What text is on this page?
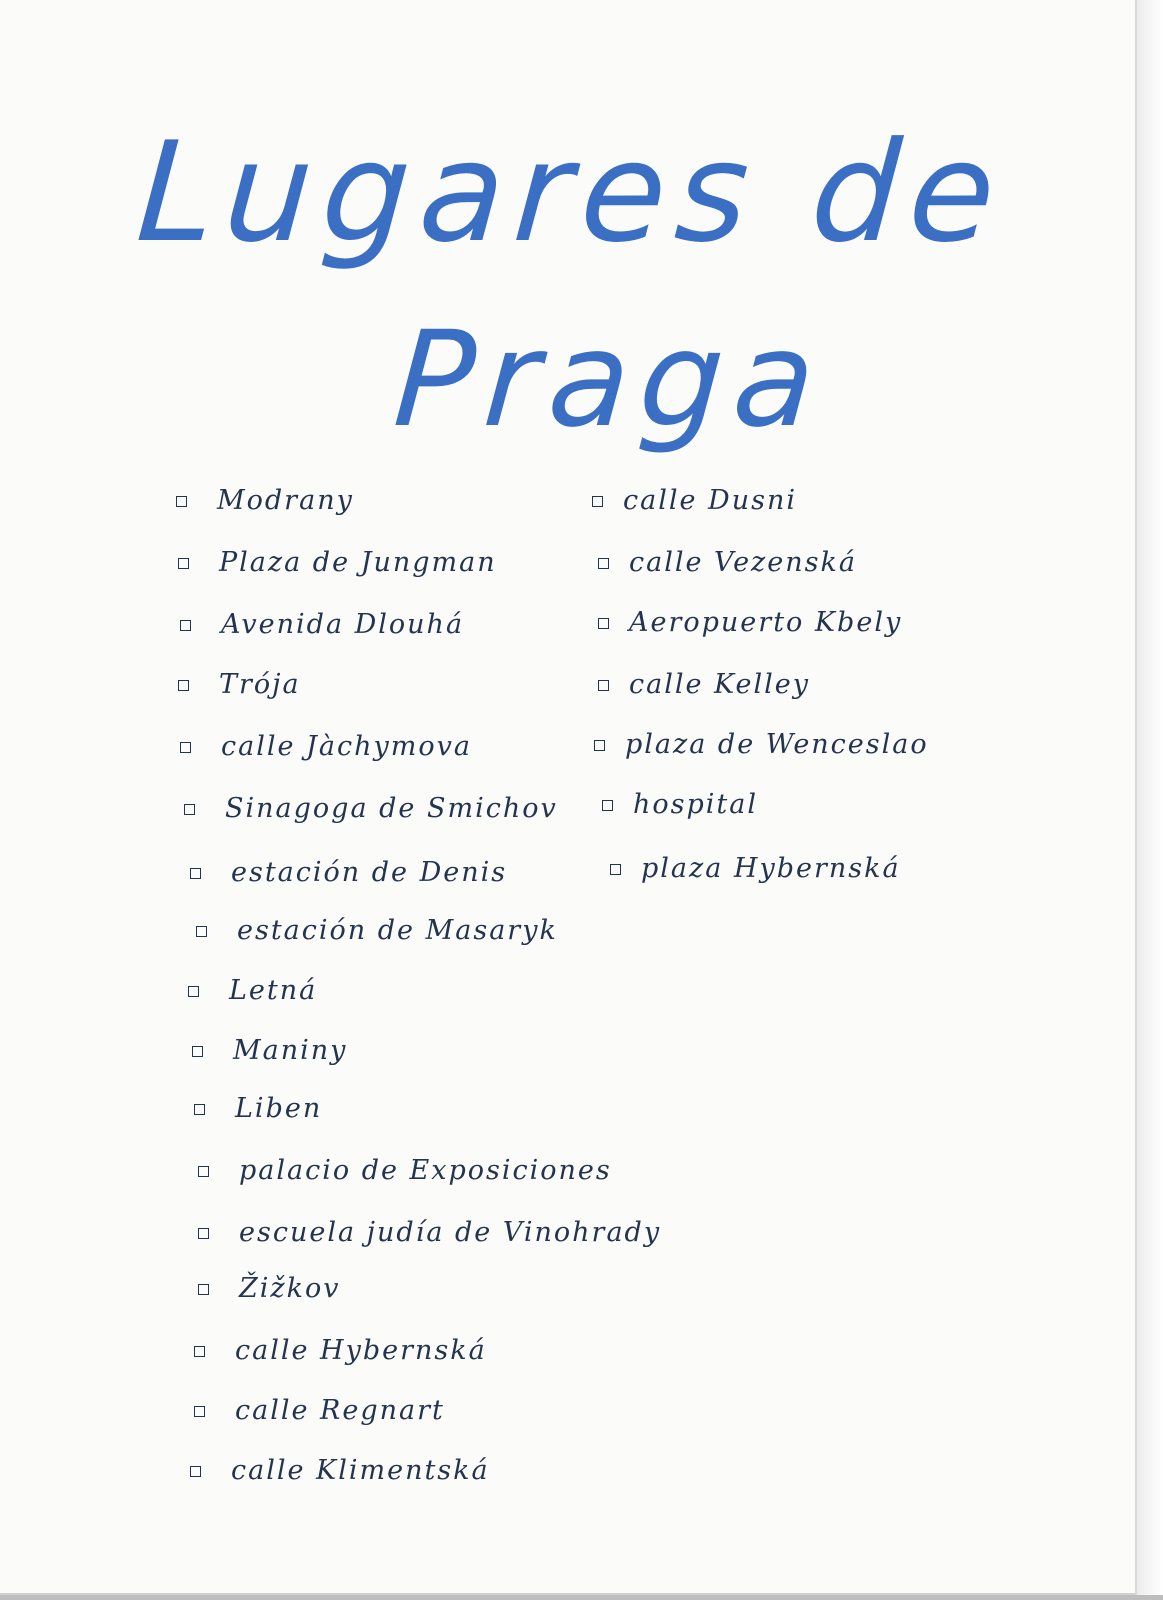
Lugares de
Praga
Modrany
Plaza de Jungman
Avenida Dlouhá
Trója
calle Jàchymova
Sinagoga de Smichov
estación de Denis
estación de Masaryk
Letná
Maniny
Liben
palacio de Exposiciones
escuela judía de Vinohrady
Žižkov
calle Hybernská
calle Regnart
calle Klimentská
calle Dusni
calle Vezenská
Aeropuerto Kbely
calle Kelley
plaza de Wenceslao
hospital
plaza Hybernská
